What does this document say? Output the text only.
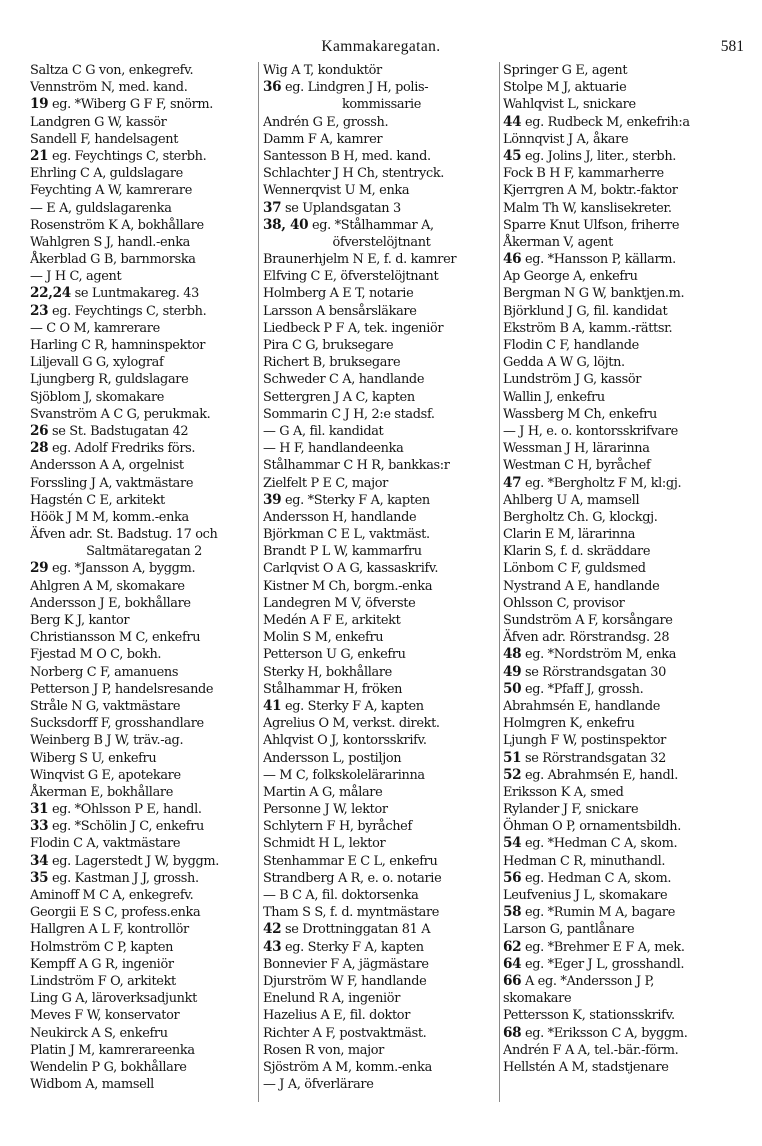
Kammakaregatan.	581
Saltza C G von, enkegrefv.
Vennström N, med. kand.
19 eg. *Wiberg G F F, snörm.
Landgren G W, kassör
Sandell F, handelsagent
21 eg. Feychtings C, sterbh.
Ehrling C A, guldslagare
Feychting A W, kamrerare
— E A, guldslagarenka
Rosenström K A, bokhållare
Wahlgren S J, handl.-enka
Åkerblad G B, barnmorska
— J H C, agent
22,24 se Luntmakareg. 43
23 eg. Feychtings C, sterbh.
— C O M, kamrerare
Harling C R, hamninspektor
Liljevall G G, xylograf
Ljungberg R, guldslagare
Sjöblom J, skomakare
Svanström A C G, perukmak.
26 se St. Badstugatan 42
28 eg. Adolf Fredriks förs.
Andersson A A, orgelnist
Forssling J A, vaktmästare
Hagstén C E, arkitekt
Höök J M M, komm.-enka
Äfven adr. St. Badstug. 17 och
Saltmätaregatan 2
29 eg. *Jansson A, byggm.
Ahlgren A M, skomakare
Andersson J E, bokhållare
Berg K J, kantor
Christiansson M C, enkefru
Fjestad M O C, bokh.
Norberg C F, amanuens
Petterson J P, handelsresande
Stråle N G, vaktmästare
Sucksdorff F, grosshandlare
Weinberg B J W, träv.-ag.
Wiberg S U, enkefru
Winqvist G E, apotekare
Åkerman E, bokhållare
31 eg. *Ohlsson P E, handl.
33 eg. *Schölin J C, enkefru
Flodin C A, vaktmästare
34 eg. Lagerstedt J W, byggm.
35 eg. Kastman J J, grossh.
Aminoff M C A, enkegrefv.
Georgii E S C, profess.enka
Hallgren A L F, kontrollör
Holmström C P, kapten
Kempff A G R, ingeniör
Lindström F O, arkitekt
Ling G A, läroverksadjunkt
Meves F W, konservator
Neukirck A S, enkefru
Platin J M, kamrerareenka
Wendelin P G, bokhållare
Widbom A, mamsell
Wig A T, konduktör
36 eg. Lindgren J H, polis-
kommissarie
Andrén G E, grossh.
Damm F A, kamrer
Santesson B H, med. kand.
Schlachter J H Ch, stentryck.
Wennerqvist U M, enka
37 se Uplandsgatan 3
38, 40 eg. *Stålhammar A,
öfverstelöjtnant
Braunerhjelm N E, f. d. kamrer
Elfving C E, öfverstelöjtnant
Holmberg A E T, notarie
Larsson A bensårsläkare
Liedbeck P F A, tek. ingeniör
Pira C G, bruksegare
Richert B, bruksegare
Schweder C A, handlande
Settergren J A C, kapten
Sommarin C J H, 2:e stadsf.
— G A, fil. kandidat
— H F, handlandeenka
Stålhammar C H R, bankkas:r
Zielfelt P E C, major
39 eg. *Sterky F A, kapten
Andersson H, handlande
Björkman C E L, vaktmäst.
Brandt P L W, kammarfru
Carlqvist O A G, kassaskrifv.
Kistner M Ch, borgm.-enka
Landegren M V, öfverste
Medén A F E, arkitekt
Molin S M, enkefru
Petterson U G, enkefru
Sterky H, bokhållare
Stålhammar H, fröken
41 eg. Sterky F A, kapten
Agrelius O M, verkst. direkt.
Ahlqvist O J, kontorsskrifv.
Andersson L, postiljon
— M C, folkskolelärarinna
Martin A G, målare
Personne J W, lektor
Schlytern F H, byråchef
Schmidt H L, lektor
Stenhammar E C L, enkefru
Strandberg A R, e. o. notarie
— B C A, fil. doktorsenka
Tham S S, f. d. myntmästare
42 se Drottninggatan 81 A
43 eg. Sterky F A, kapten
Bonnevier F A, jägmästare
Djurström W F, handlande
Enelund R A, ingeniör
Hazelius A E, fil. doktor
Richter A F, postvaktmäst.
Rosen R von, major
Sjöström A M, komm.-enka
— J A, öfverlärare
Springer G E, agent
Stolpe M J, aktuarie
Wahlqvist L, snickare
44 eg. Rudbeck M, enkefrih:a
Lönnqvist J A, åkare
45 eg. Jolins J, liter., sterbh.
Fock B H F, kammarherre
Kjerrgren A M, boktr.-faktor
Malm Th W, kanslisekreter.
Sparre Knut Ulfson, friherre
Åkerman V, agent
46 eg. *Hansson P, källarm.
Ap George A, enkefru
Bergman N G W, banktjen.m.
Björklund J G, fil. kandidat
Ekström B A, kamm.-rättsr.
Flodin C F, handlande
Gedda A W G, löjtn.
Lundström J G, kassör
Wallin J, enkefru
Wassberg M Ch, enkefru
— J H, e. o. kontorsskrifvare
Wessman J H, lärarinna
Westman C H, byråchef
47 eg. *Bergholtz F M, kl:gj.
Ahlberg U A, mamsell
Bergholtz Ch. G, klockgj.
Clarin E M, lärarinna
Klarin S, f. d. skräddare
Lönbom C F, guldsmed
Nystrand A E, handlande
Ohlsson C, provisor
Sundström A F, korsångare
Äfven adr. Rörstrandsg. 28
48 eg. *Nordström M, enka
49 se Rörstrandsgatan 30
50 eg. *Pfaff J, grossh.
Abrahmsén E, handlande
Holmgren K, enkefru
Ljungh F W, postinspektor
51 se Rörstrandsgatan 32
52 eg. Abrahmsén E, handl.
Eriksson K A, smed
Rylander J F, snickare
Öhman O P, ornamentsbildh.
54 eg. *Hedman C A, skom.
Hedman C R, minuthandl.
56 eg. Hedman C A, skom.
Leufvenius J L, skomakare
58 eg. *Rumin M A, bagare
Larson G, pantlånare
62 eg. *Brehmer E F A, mek.
64 eg. *Eger J L, grosshandl.
66 A eg. *Andersson J P,
skomakare
Pettersson K, stationsskrifv.
68 eg. *Eriksson C A, byggm.
Andrén F A A, tel.-bär.-förm.
Hellstén A M, stadstjenare
